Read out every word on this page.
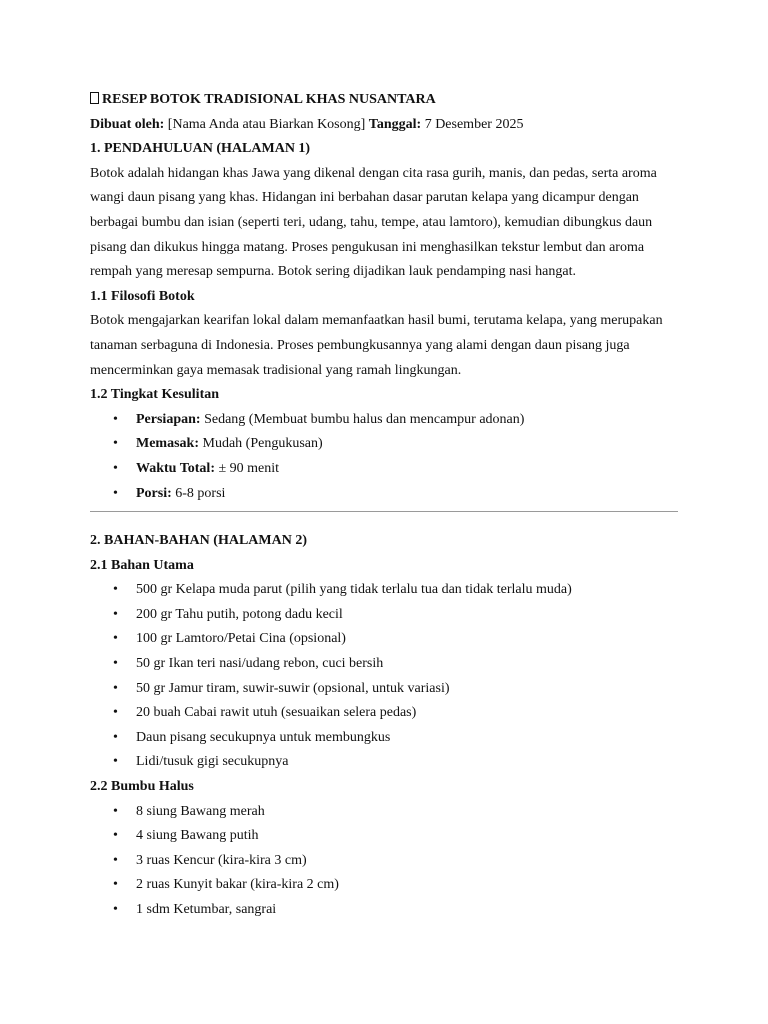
RESEP BOTOK TRADISIONAL KHAS NUSANTARA
Dibuat oleh: [Nama Anda atau Biarkan Kosong] Tanggal: 7 Desember 2025
1. PENDAHULUAN (HALAMAN 1)
Botok adalah hidangan khas Jawa yang dikenal dengan cita rasa gurih, manis, dan pedas, serta aroma
wangi daun pisang yang khas. Hidangan ini berbahan dasar parutan kelapa yang dicampur dengan
berbagai bumbu dan isian (seperti teri, udang, tahu, tempe, atau lamtoro), kemudian dibungkus daun
pisang dan dikukus hingga matang. Proses pengukusan ini menghasilkan tekstur lembut dan aroma
rempah yang meresap sempurna. Botok sering dijadikan lauk pendamping nasi hangat.
1.1 Filosofi Botok
Botok mengajarkan kearifan lokal dalam memanfaatkan hasil bumi, terutama kelapa, yang merupakan
tanaman serbaguna di Indonesia. Proses pembungkusannya yang alami dengan daun pisang juga
mencerminkan gaya memasak tradisional yang ramah lingkungan.
1.2 Tingkat Kesulitan
• Persiapan: Sedang (Membuat bumbu halus dan mencampur adonan)
• Memasak: Mudah (Pengukusan)
• Waktu Total: ± 90 menit
• Porsi: 6-8 porsi
2. BAHAN-BAHAN (HALAMAN 2)
2.1 Bahan Utama
• 500 gr Kelapa muda parut (pilih yang tidak terlalu tua dan tidak terlalu muda)
• 200 gr Tahu putih, potong dadu kecil
• 100 gr Lamtoro/Petai Cina (opsional)
• 50 gr Ikan teri nasi/udang rebon, cuci bersih
• 50 gr Jamur tiram, suwir-suwir (opsional, untuk variasi)
• 20 buah Cabai rawit utuh (sesuaikan selera pedas)
• Daun pisang secukupnya untuk membungkus
• Lidi/tusuk gigi secukupnya
2.2 Bumbu Halus
• 8 siung Bawang merah
• 4 siung Bawang putih
• 3 ruas Kencur (kira-kira 3 cm)
• 2 ruas Kunyit bakar (kira-kira 2 cm)
• 1 sdm Ketumbar, sangrai
